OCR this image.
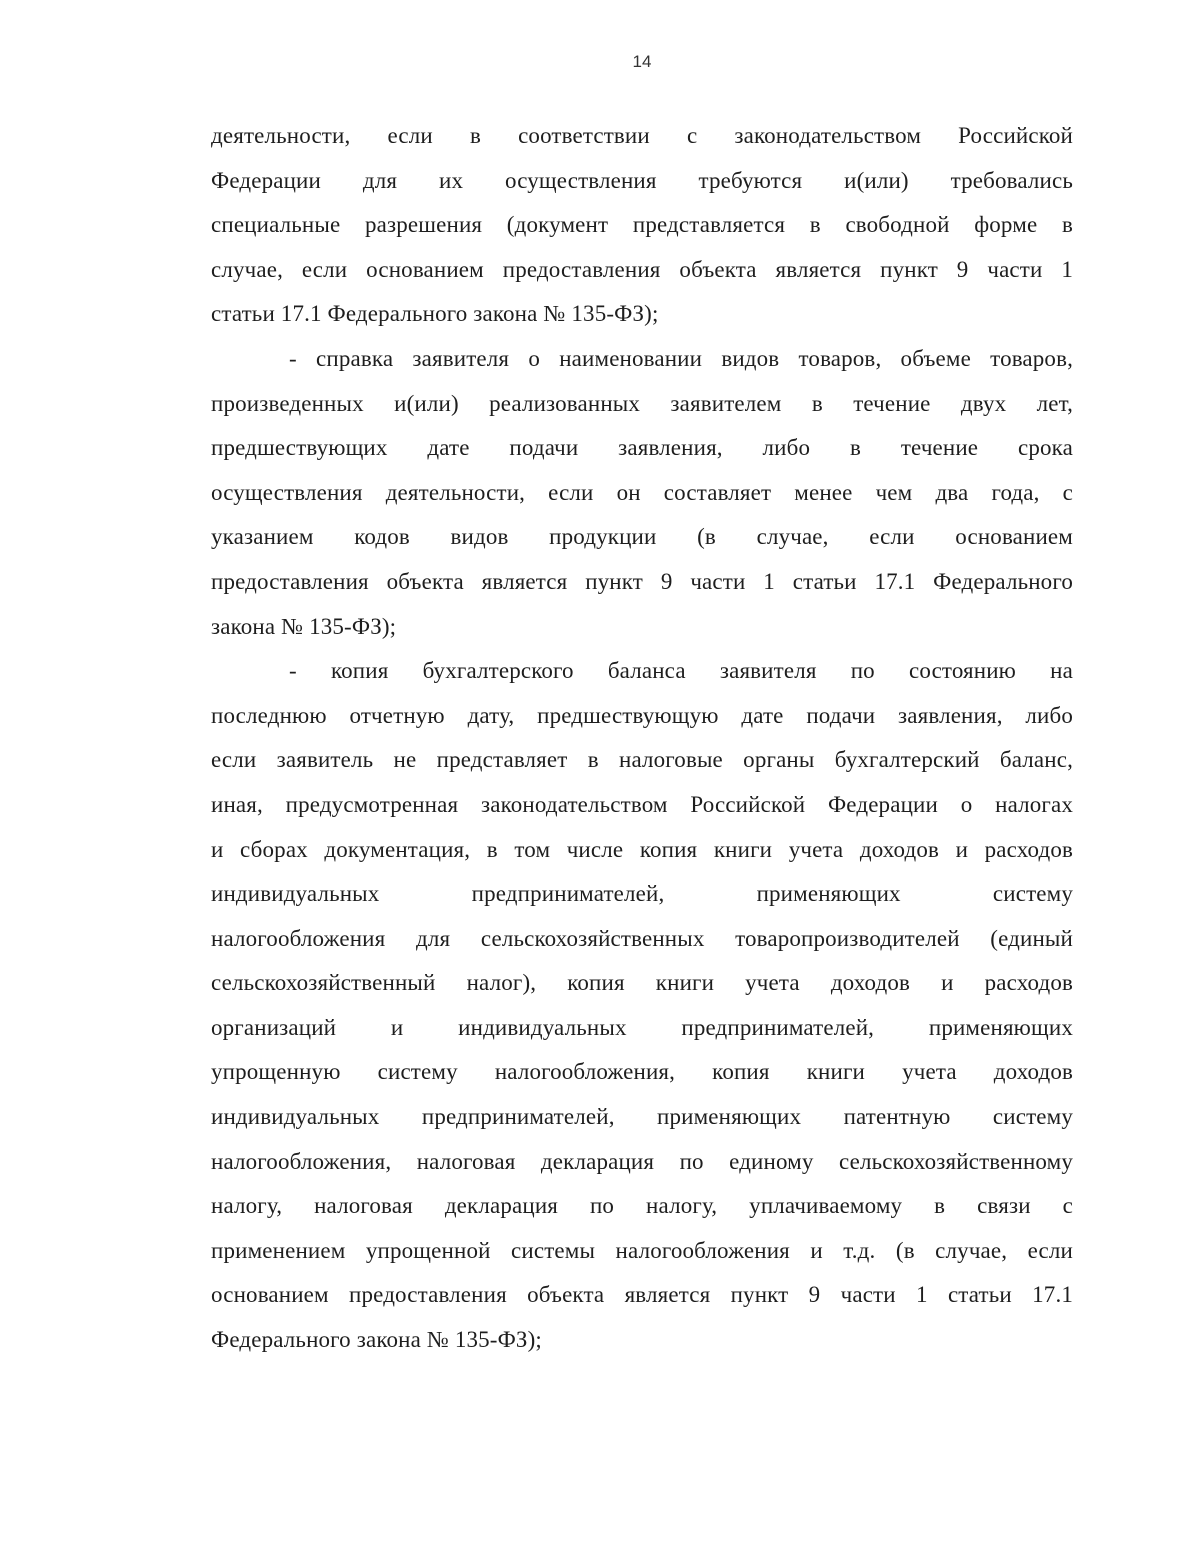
14
деятельности, если в соответствии с законодательством Российской
Федерации для их осуществления требуются и(или) требовались
специальные разрешения (документ представляется в свободной форме в
случае, если основанием предоставления объекта является пункт 9 части 1
статьи 17.1 Федерального закона № 135-ФЗ);
- справка заявителя о наименовании видов товаров, объеме товаров,
произведенных и(или) реализованных заявителем в течение двух лет,
предшествующих дате подачи заявления, либо в течение срока
осуществления деятельности, если он составляет менее чем два года, с
указанием кодов видов продукции (в случае, если основанием
предоставления объекта является пункт 9 части 1 статьи 17.1 Федерального
закона № 135-ФЗ);
- копия бухгалтерского баланса заявителя по состоянию на
последнюю отчетную дату, предшествующую дате подачи заявления, либо
если заявитель не представляет в налоговые органы бухгалтерский баланс,
иная, предусмотренная законодательством Российской Федерации о налогах
и сборах документация, в том числе копия книги учета доходов и расходов
индивидуальных предпринимателей, применяющих систему
налогообложения для сельскохозяйственных товаропроизводителей (единый
сельскохозяйственный налог), копия книги учета доходов и расходов
организаций и индивидуальных предпринимателей, применяющих
упрощенную систему налогообложения, копия книги учета доходов
индивидуальных предпринимателей, применяющих патентную систему
налогообложения, налоговая декларация по единому сельскохозяйственному
налогу, налоговая декларация по налогу, уплачиваемому в связи с
применением упрощенной системы налогообложения и т.д. (в случае, если
основанием предоставления объекта является пункт 9 части 1 статьи 17.1
Федерального закона № 135-ФЗ);
